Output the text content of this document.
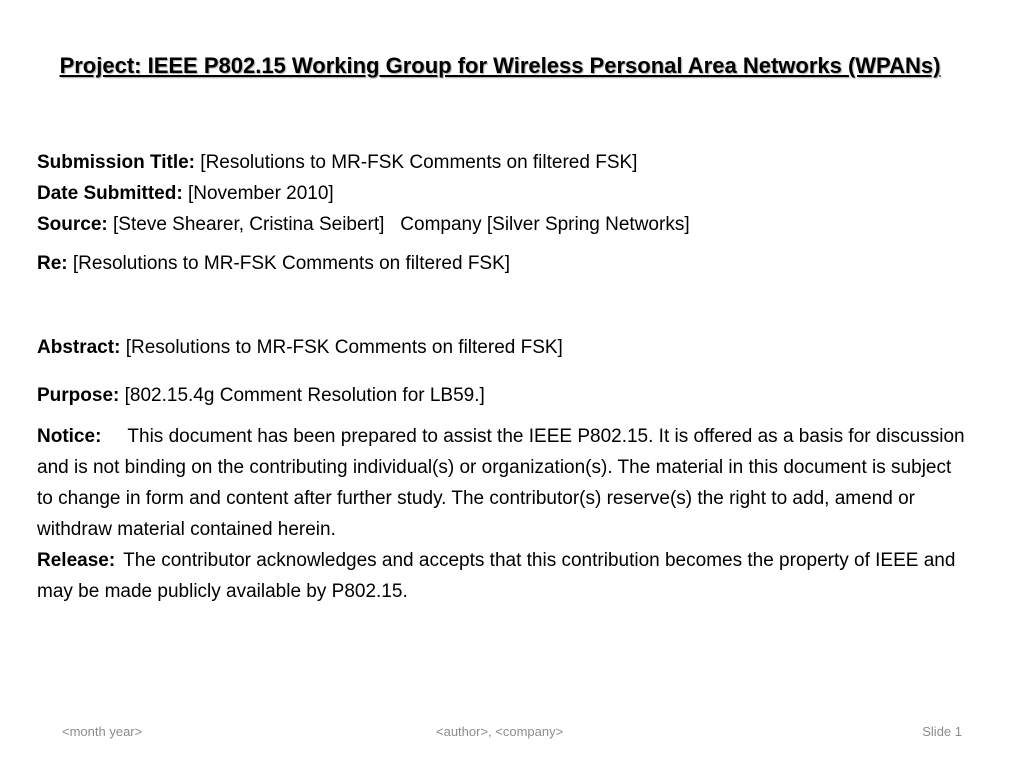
Project: IEEE P802.15 Working Group for Wireless Personal Area Networks (WPANs)
Submission Title: [Resolutions to MR-FSK Comments on filtered FSK]
Date Submitted: [November 2010]
Source: [Steve Shearer, Cristina Seibert]   Company [Silver Spring Networks]
Re: [Resolutions to MR-FSK Comments on filtered FSK]
Abstract: [Resolutions to MR-FSK Comments on filtered FSK]
Purpose: [802.15.4g Comment Resolution for LB59.]
Notice: This document has been prepared to assist the IEEE P802.15. It is offered as a basis for discussion and is not binding on the contributing individual(s) or organization(s). The material in this document is subject to change in form and content after further study. The contributor(s) reserve(s) the right to add, amend or withdraw material contained herein.
Release: The contributor acknowledges and accepts that this contribution becomes the property of IEEE and may be made publicly available by P802.15.
<month year>	<author>, <company>	Slide 1
